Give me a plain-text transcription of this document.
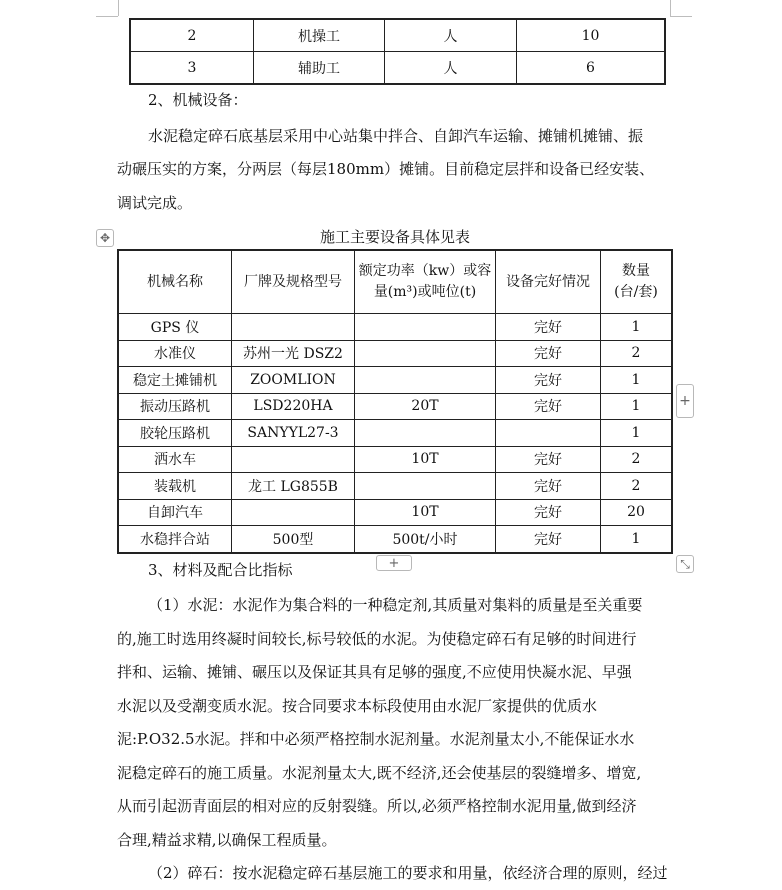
2	机操工	人	10
3	辅助工	人	6
2、机械设备：
水泥稳定碎石底基层采用中心站集中拌合、自卸汽车运输、摊铺机摊铺、振
动碾压实的方案，分两层（每层180mm）摊铺。目前稳定层拌和设备已经安装、
调试完成。
✥	施工主要设备具体见表
机械名称	厂牌及规格型号	额定功率（kw）或容
量(m³)或吨位(t)	设备完好情况	数量
(台/套)
GPS 仪			完好	1
水准仪	苏州一光 DSZ2		完好	2
稳定土摊铺机	ZOOMLION		完好	1
振动压路机	LSD220HA	20T	完好	1
胶轮压路机	SANYYL27-3			1
洒水车		10T	完好	2
装载机	龙工 LG855B		完好	2
自卸汽车		10T	完好	20
水稳拌合站	500型	500t/小时	完好	1
+
+	⤡
3、材料及配合比指标
（1）水泥：水泥作为集合料的一种稳定剂,其质量对集料的质量是至关重要
的,施工时选用终凝时间较长,标号较低的水泥。为使稳定碎石有足够的时间进行
拌和、运输、摊铺、碾压以及保证其具有足够的强度,不应使用快凝水泥、早强
水泥以及受潮变质水泥。按合同要求本标段使用由水泥厂家提供的优质水
泥:P.O32.5水泥。拌和中必须严格控制水泥剂量。水泥剂量太小,不能保证水水
泥稳定碎石的施工质量。水泥剂量太大,既不经济,还会使基层的裂缝增多、增宽,
从而引起沥青面层的相对应的反射裂缝。所以,必须严格控制水泥用量,做到经济
合理,精益求精,以确保工程质量。
（2）碎石：按水泥稳定碎石基层施工的要求和用量，依经济合理的原则，经过
